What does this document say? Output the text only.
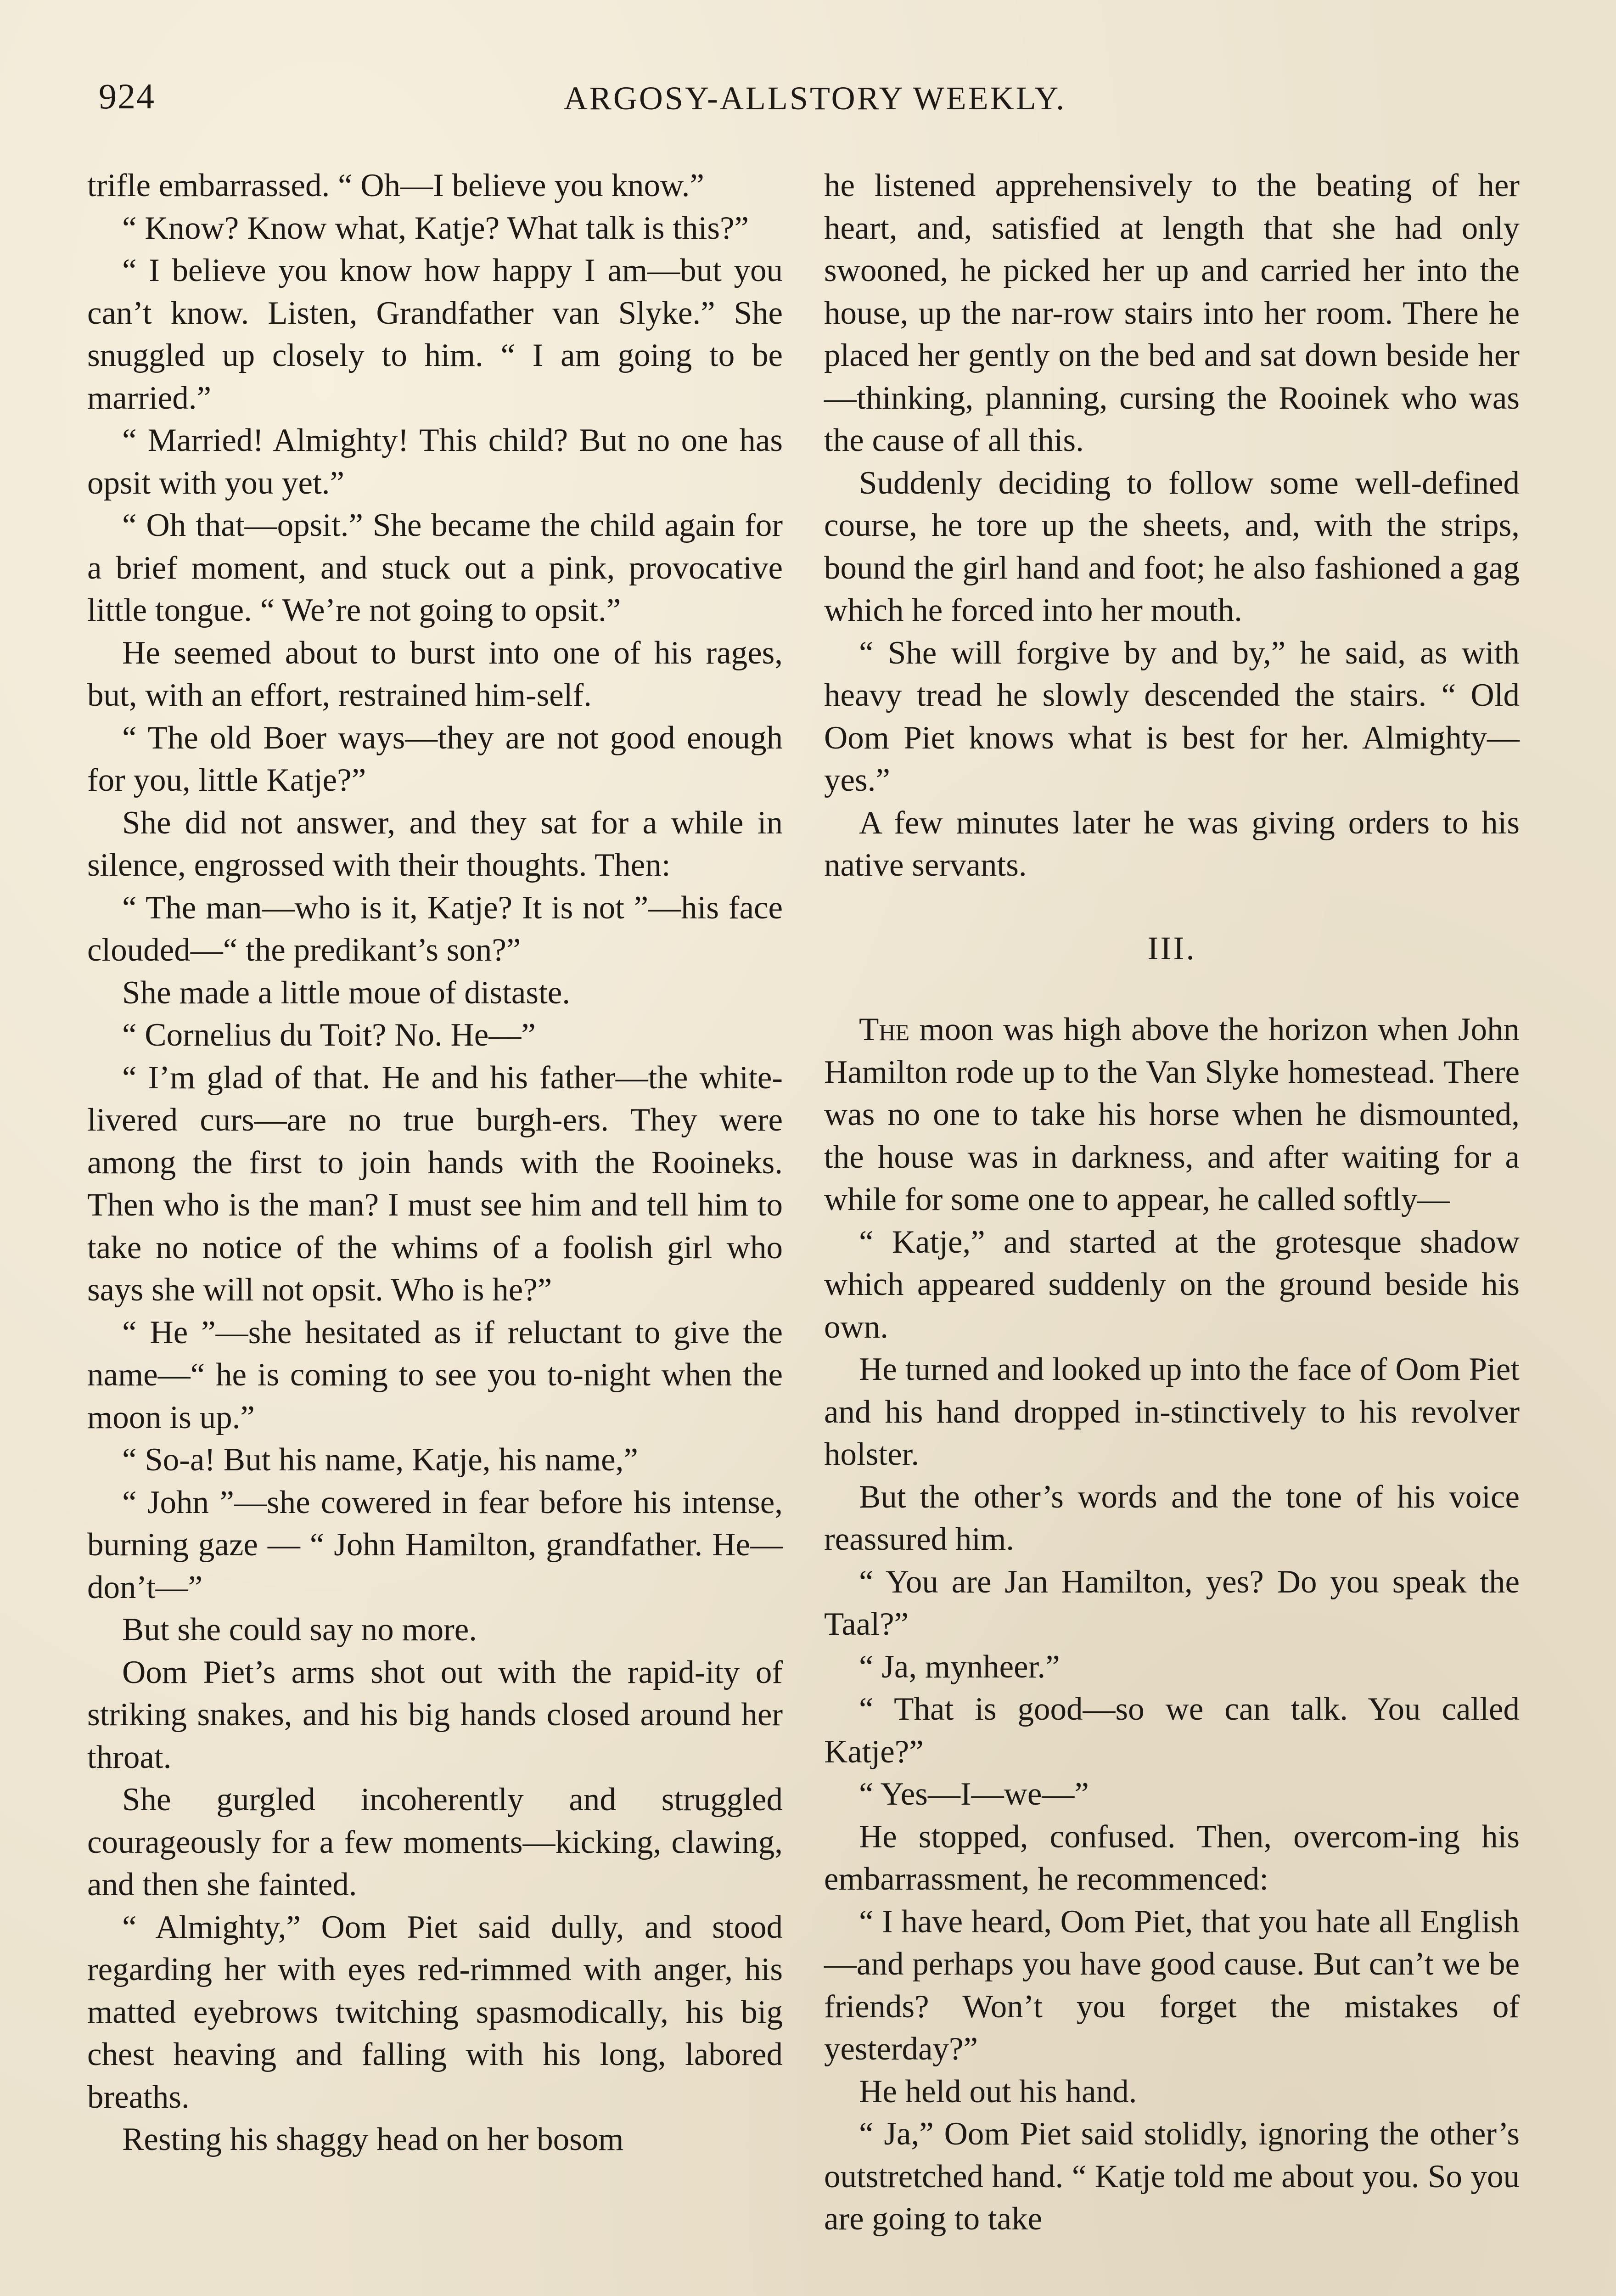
924	ARGOSY-ALLSTORY WEEKLY.

trifle embarrassed. “ Oh—I believe you know.”

“ Know? Know what, Katje? What talk is this?”

“ I believe you know how happy I am—but you can’t know. Listen, Grandfather van Slyke.” She snuggled up closely to him. “ I am going to be married.”

“ Married! Almighty! This child? But no one has opsit with you yet.”

“ Oh that—opsit.” She became the child again for a brief moment, and stuck out a pink, provocative little tongue. “ We’re not going to opsit.”

He seemed about to burst into one of his rages, but, with an effort, restrained him-self.

“ The old Boer ways—they are not good enough for you, little Katje?”

She did not answer, and they sat for a while in silence, engrossed with their thoughts. Then:

“ The man—who is it, Katje? It is not ”—his face clouded—“ the predikant’s son?”

She made a little moue of distaste.

“ Cornelius du Toit? No. He—”

“ I’m glad of that. He and his father—the white-livered curs—are no true burgh-ers. They were among the first to join hands with the Rooineks. Then who is the man? I must see him and tell him to take no notice of the whims of a foolish girl who says she will not opsit. Who is he?”

“ He ”—she hesitated as if reluctant to give the name—“ he is coming to see you to-night when the moon is up.”

“ So-a! But his name, Katje, his name,”

“ John ”—she cowered in fear before his intense, burning gaze — “ John Hamilton, grandfather. He—don’t—”

But she could say no more.

Oom Piet’s arms shot out with the rapid-ity of striking snakes, and his big hands closed around her throat.

She gurgled incoherently and struggled courageously for a few moments—kicking, clawing, and then she fainted.

“ Almighty,” Oom Piet said dully, and stood regarding her with eyes red-rimmed with anger, his matted eyebrows twitching spasmodically, his big chest heaving and falling with his long, labored breaths.

Resting his shaggy head on her bosom

he listened apprehensively to the beating of her heart, and, satisfied at length that she had only swooned, he picked her up and carried her into the house, up the nar-row stairs into her room. There he placed her gently on the bed and sat down beside her—thinking, planning, cursing the Rooinek who was the cause of all this.

Suddenly deciding to follow some well-defined course, he tore up the sheets, and, with the strips, bound the girl hand and foot; he also fashioned a gag which he forced into her mouth.

“ She will forgive by and by,” he said, as with heavy tread he slowly descended the stairs. “ Old Oom Piet knows what is best for her. Almighty—yes.”

A few minutes later he was giving orders to his native servants.

III.

The moon was high above the horizon when John Hamilton rode up to the Van Slyke homestead. There was no one to take his horse when he dismounted, the house was in darkness, and after waiting for a while for some one to appear, he called softly—

“ Katje,” and started at the grotesque shadow which appeared suddenly on the ground beside his own.

He turned and looked up into the face of Oom Piet and his hand dropped in-stinctively to his revolver holster.

But the other’s words and the tone of his voice reassured him.

“ You are Jan Hamilton, yes? Do you speak the Taal?”

“ Ja, mynheer.”

“ That is good—so we can talk. You called Katje?”

“ Yes—I—we—”

He stopped, confused. Then, overcom-ing his embarrassment, he recommenced:

“ I have heard, Oom Piet, that you hate all English—and perhaps you have good cause. But can’t we be friends? Won’t you forget the mistakes of yesterday?”

He held out his hand.

“ Ja,” Oom Piet said stolidly, ignoring the other’s outstretched hand. “ Katje told me about you. So you are going to take
